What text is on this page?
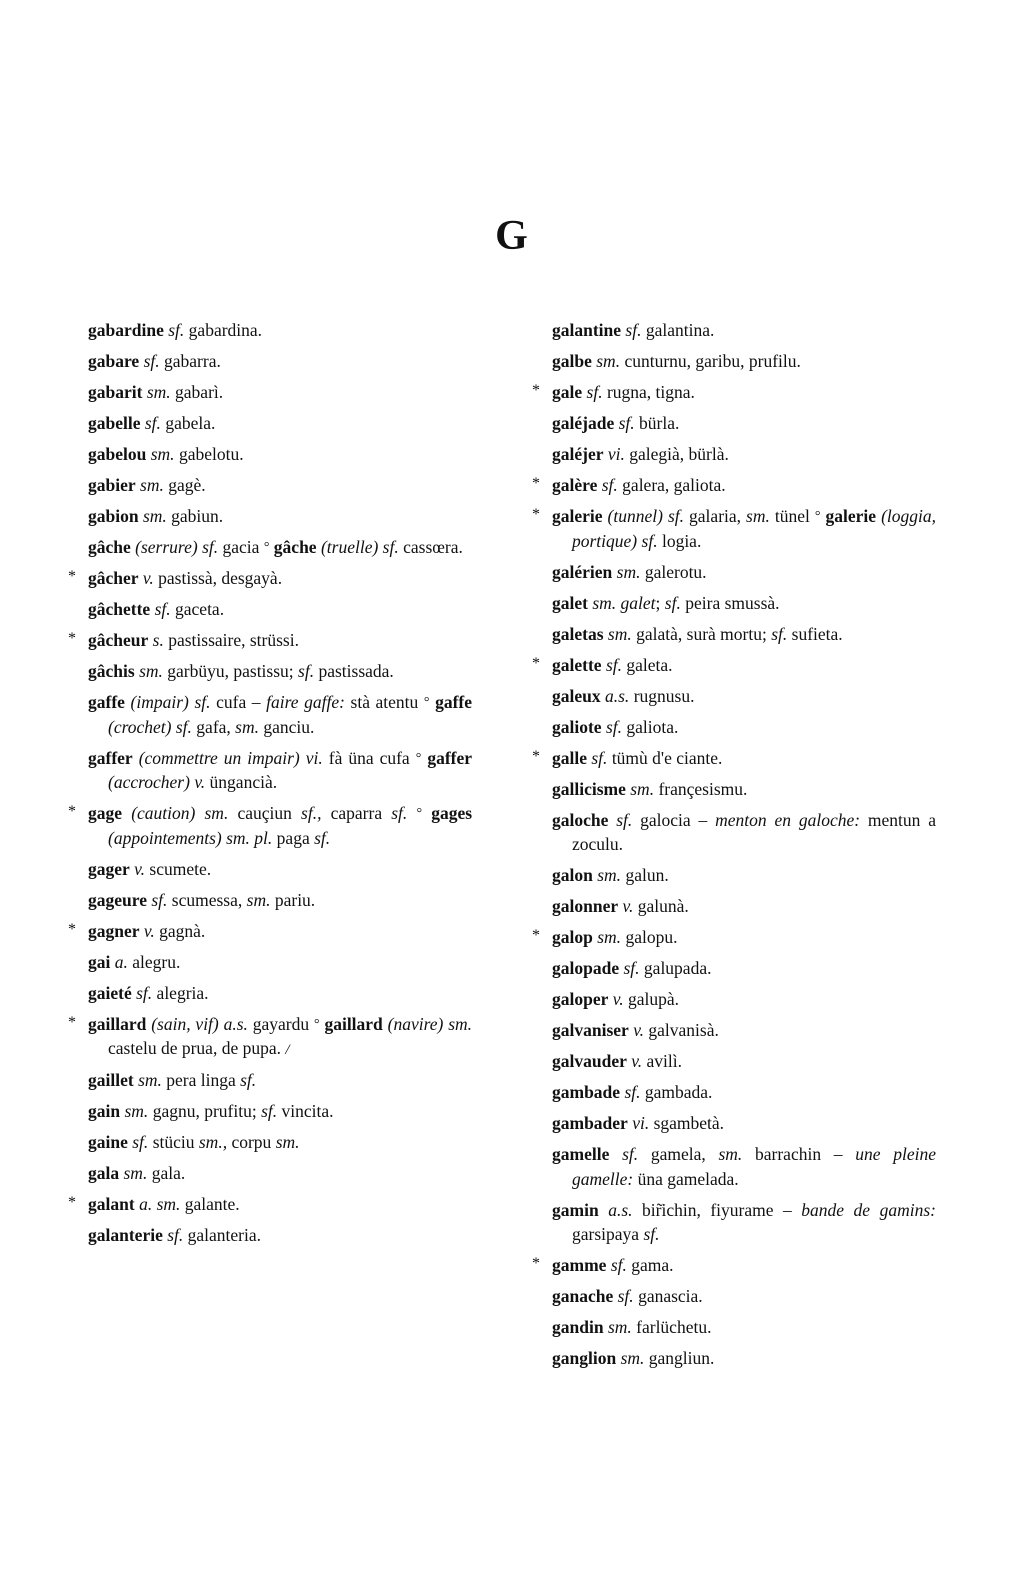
G
gabardine sf. gabardina.
gabare sf. gabarra.
gabarit sm. gabarì.
gabelle sf. gabela.
gabelou sm. gabelotu.
gabier sm. gagè.
gabion sm. gabiun.
gâche (serrure) sf. gacia ° gâche (truelle) sf. cassœra.
* gâcher v. pastissà, desgayà.
gâchette sf. gaceta.
* gâcheur s. pastissaire, strüssi.
gâchis sm. garbüyu, pastissu; sf. pastissada.
gaffe (impair) sf. cufa – faire gaffe: stà atentu ° gaffe (crochet) sf. gafa, sm. ganciu.
gaffer (commettre un impair) vi. fà üna cufa ° gaffer (accrocher) v. üngancià.
* gage (caution) sm. cauçiun sf., caparra sf. ° gages (appointements) sm. pl. paga sf.
gager v. scumete.
gageure sf. scumessa, sm. pariu.
* gagner v. gagnà.
gai a. alegru.
gaieté sf. alegria.
* gaillard (sain, vif) a.s. gayardu ° gaillard (navire) sm. castelu de prua, de pupa. /
gaillet sm. pera linga sf.
gain sm. gagnu, prufitu; sf. vincita.
gaine sf. stüciu sm., corpu sm.
gala sm. gala.
* galant a. sm. galante.
galanterie sf. galanteria.
galantine sf. galantina.
galbe sm. cunturnu, garibu, prufilu.
* gale sf. rugna, tigna.
galéjade sf. bürla.
galéjer vi. galegià, bürlà.
* galère sf. galera, galiota.
* galerie (tunnel) sf. galaria, sm. tünel ° galerie (loggia, portique) sf. logia.
galérien sm. galerotu.
galet sm. galet; sf. peira smussà.
galetas sm. galatà, surà mortu; sf. sufieta.
* galette sf. galeta.
galeux a.s. rugnusu.
galiote sf. galiota.
* galle sf. tümù d'e ciante.
gallicisme sm. françesismu.
galoche sf. galocia – menton en galoche: mentun a zoculu.
galon sm. galun.
galonner v. galunà.
* galop sm. galopu.
galopade sf. galupada.
galoper v. galupà.
galvaniser v. galvanisà.
galvauder v. avilì.
gambade sf. gambada.
gambader vi. sgambetà.
gamelle sf. gamela, sm. barrachin – une pleine gamelle: üna gamelada.
gamin a.s. bir̃ichin, fiyurame – bande de gamins: garsipaya sf.
* gamme sf. gama.
ganache sf. ganascia.
gandin sm. farlüchetu.
ganglion sm. gangliun.
